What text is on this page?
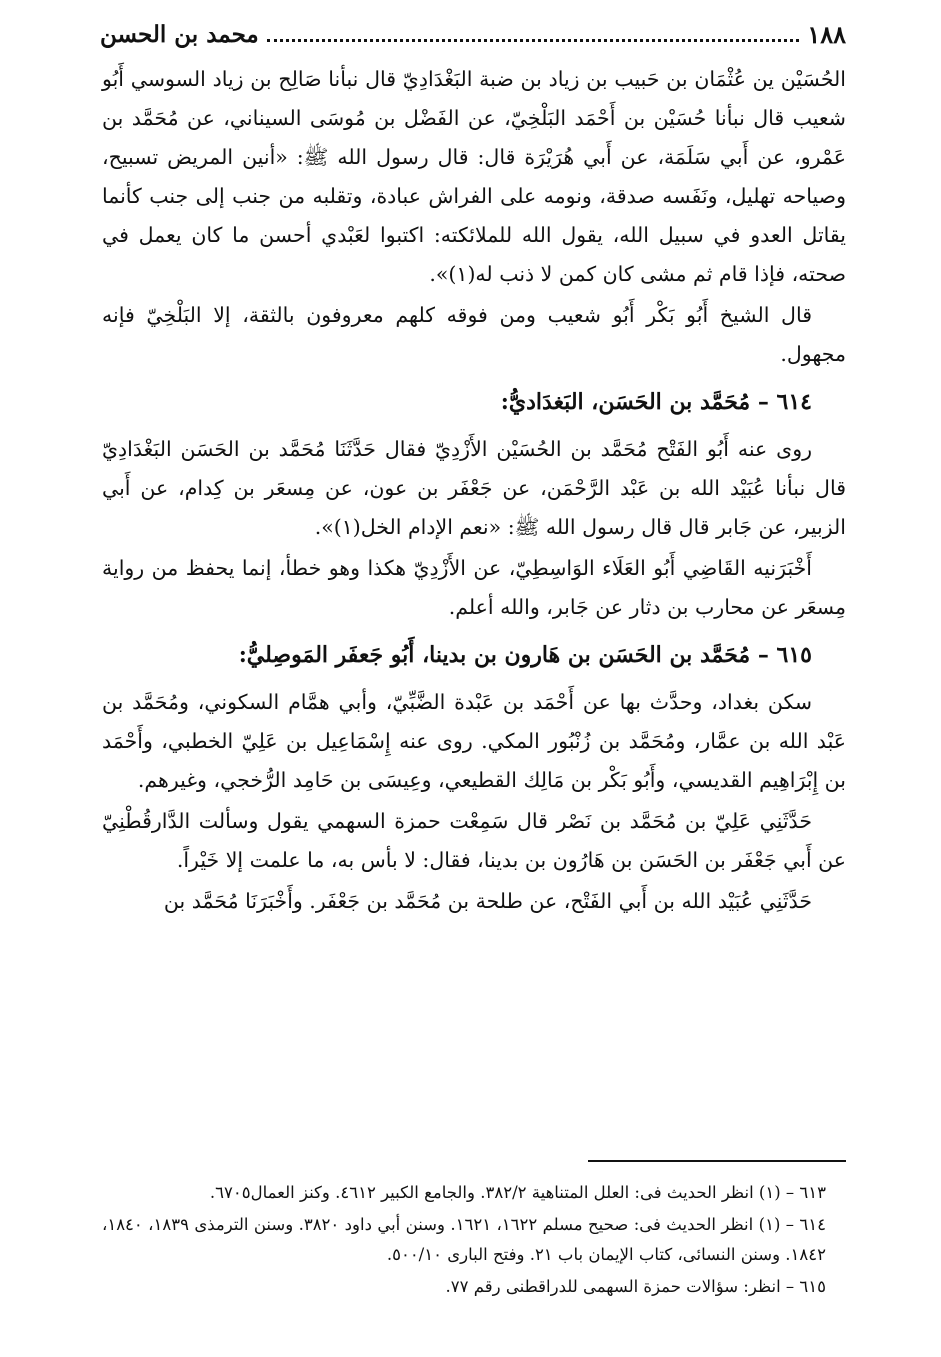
١٨٨
محمد بن الحسن

الحُسَيْن ين عُثْمَان بن حَبيب بن زياد بن ضبة البَغْدَادِيّ قال نبأنا صَالِح بن زياد السوسي أَبُو شعيب قال نبأنا حُسَيْن بن أَحْمَد البَلْخِيّ، عن الفَضْل بن مُوسَى السيناني، عن مُحَمَّد بن عَمْرو، عن أَبي سَلَمَة، عن أَبي هُرَيْرَة قال: قال رسول الله ﷺ: «أنين المريض تسبيح، وصياحه تهليل، ونَفَسه صدقة، ونومه على الفراش عبادة، وتقلبه من جنب إلى جنب كأنما يقاتل العدو في سبيل الله، يقول الله للملائكته: اكتبوا لعَبْدي أحسن ما كان يعمل في صحته، فإذا قام ثم مشى كان كمن لا ذنب له(١)».

قال الشيخ أَبُو بَكْر أَبُو شعيب ومن فوقه كلهم معروفون بالثقة، إلا البَلْخِيّ فإنه مجهول.

٦١٤ – مُحَمَّد بن الحَسَن، البَغدَاديُّ:

روى عنه أَبُو الفَتْح مُحَمَّد بن الحُسَيْن الأَزْدِيّ فقال حَدَّثَنَا مُحَمَّد بن الحَسَن البَغْدَادِيّ قال نبأنا عُبَيْد الله بن عَبْد الرَّحْمَن، عن جَعْفَر بن عون، عن مِسعَر بن كِدام، عن أَبي الزبير، عن جَابر قال قال رسول الله ﷺ: «نعم الإدام الخل(١)».

أَخْبَرَنيه القَاضِي أَبُو العَلَاء الوَاسِطِيّ، عن الأَزْدِيّ هكذا وهو خطأ، إنما يحفظ من رواية مِسعَر عن محارب بن دثار عن جَابر، والله أعلم.

٦١٥ – مُحَمَّد بن الحَسَن بن هَارون بن بدينا، أَبُو جَعفَر المَوصِليُّ:

سكن بغداد، وحدَّث بها عن أَحْمَد بن عَبْدة الضَّبِّيّ، وأبي همَّام السكوني، ومُحَمَّد بن عَبْد الله بن عمَّار، ومُحَمَّد بن زُنْبُور المكي. روى عنه إِسْمَاعِيل بن عَلِيّ الخطبي، وأَحْمَد بن إِبْرَاهِيم القديسي، وأَبُو بَكْر بن مَالِك القطيعي، وعِيسَى بن حَامِد الرُّخجي، وغيرهم.

حَدَّثَنِي عَلِيّ بن مُحَمَّد بن نَصْر قال سَمِعْت حمزة السهمي يقول وسألت الدَّارقُطْنِيّ عن أَبي جَعْفَر بن الحَسَن بن هَارُون بن بدينا، فقال: لا بأس به، ما علمت إلا خَيْراً.

حَدَّثَنِي عُبَيْد الله بن أَبي الفَتْح، عن طلحة بن مُحَمَّد بن جَعْفَر. وأَخْبَرَنَا مُحَمَّد بن

٦١٣ – (١) انظر الحديث فى: العلل المتناهية ٣٨٢/٢. والجامع الكبير ٤٦١٢. وكنز العمال٦٧٠٥.

٦١٤ – (١) انظر الحديث فى: صحيح مسلم ١٦٢٢، ١٦٢١. وسنن أبي داود ٣٨٢٠. وسنن الترمذى ١٨٣٩، ١٨٤٠، ١٨٤٢. وسنن النسائى، كتاب الإيمان باب ٢١. وفتح البارى ٥٠٠/١٠.

٦١٥ – انظر: سؤالات حمزة السهمى للدراقطنى رقم ٧٧.
